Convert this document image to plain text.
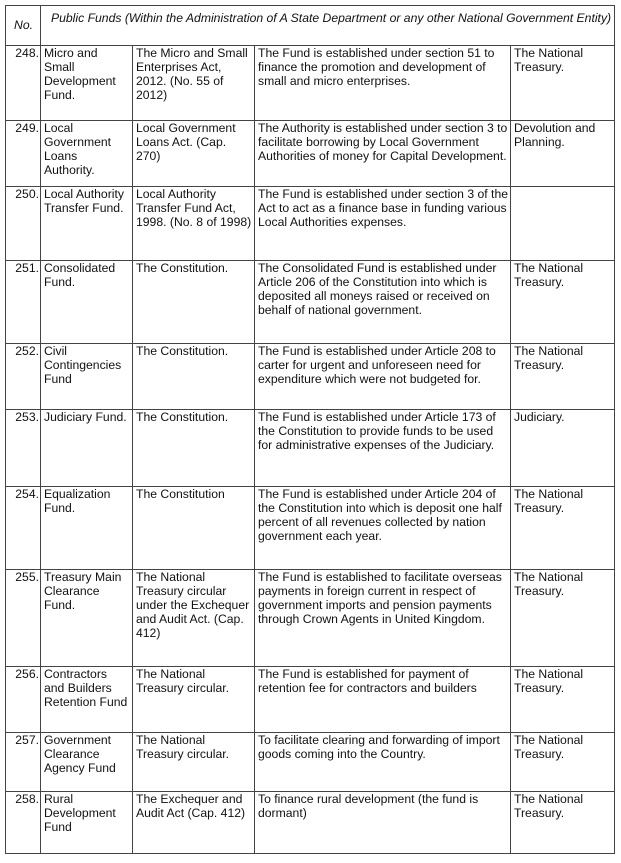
No.	Public Funds (Within the Administration of A State Department or any other National Government Entity)			
248.	Micro and Small Development Fund.	The Micro and Small Enterprises Act, 2012. (No. 55 of 2012)	The Fund is established under section 51 to finance the promotion and development of small and micro enterprises.	The National Treasury.
249.	Local Government Loans Authority.	Local Government Loans Act. (Cap. 270)	The Authority is established under section 3 to facilitate borrowing by Local Government Authorities of money for Capital Development.	Devolution and Planning.
250.	Local Authority Transfer Fund.	Local Authority Transfer Fund Act, 1998. (No. 8 of 1998)	The Fund is established under section 3 of the Act to act as a finance base in funding various Local Authorities expenses.	
251.	Consolidated Fund.	The Constitution.	The Consolidated Fund is established under Article 206 of the Constitution into which is deposited all moneys raised or received on behalf of national government.	The National Treasury.
252.	Civil Contingencies Fund	The Constitution.	The Fund is established under Article 208 to carter for urgent and unforeseen need for expenditure which were not budgeted for.	The National Treasury.
253.	Judiciary Fund.	The Constitution.	The Fund is established under Article 173 of the Constitution to provide funds to be used for administrative expenses of the Judiciary.	Judiciary.
254.	Equalization Fund.	The Constitution	The Fund is established under Article 204 of the Constitution into which is deposit one half percent of all revenues collected by nation government each year.	The National Treasury.
255.	Treasury Main Clearance Fund.	The National Treasury circular under the Exchequer and Audit Act. (Cap. 412)	The Fund is established to facilitate overseas payments in foreign current in respect of government imports and pension payments through Crown Agents in United Kingdom.	The National Treasury.
256.	Contractors and Builders Retention Fund	The National Treasury circular.	The Fund is established for payment of retention fee for contractors and builders	The National Treasury.
257.	Government Clearance Agency Fund	The National Treasury circular.	To facilitate clearing and forwarding of import goods coming into the Country.	The National Treasury.
258.	Rural Development Fund	The Exchequer and Audit Act (Cap. 412)	To finance rural development (the fund is dormant)	The National Treasury.
